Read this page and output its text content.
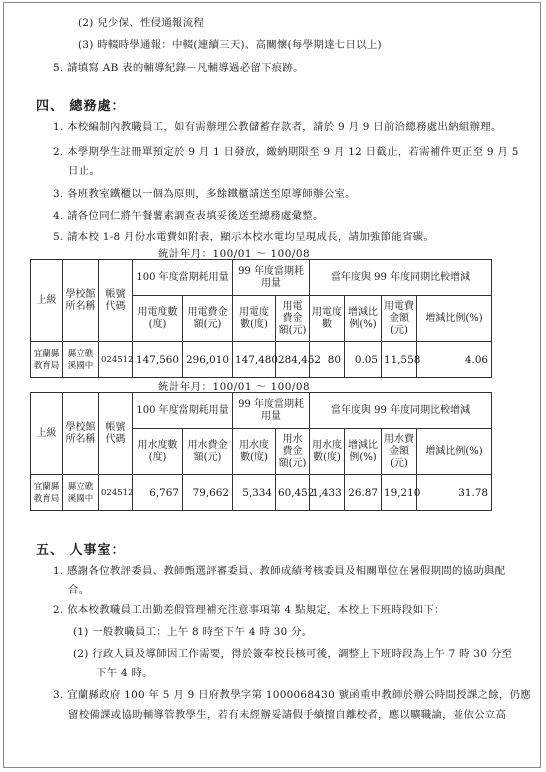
(2) 兒少保、性侵通報流程
(3) 時輟時學通報：中輟(連續三天)、高關懷(每學期達七日以上)
5. 請填寫 AB 表的輔導紀錄－凡輔導過必留下痕跡。
四、 總務處：
1. 本校編制內教職員工，如有需辦理公教儲蓄存款者，請於 9 月 9 日前洽總務處出納組辦理。
2. 本學期學生註冊單預定於 9 月 1 日發放，繳納期限至 9 月 12 日截止，若需補件更正至 9 月 5
日止。
3. 各班教室鐵櫃以一個為原則，多餘鐵櫃請送至原導師辦公室。
4. 請各位同仁將午餐薯素調查表填妥後送至總務處彙整。
5. 請本校 1-8 月份水電費如附表，顯示本校水電均呈現成長，請加強節能省碳。
統計年月：100/01 ～ 100/08
上級	學校館所名稱	帳號代碼	100 年度當期耗用量		99 年度當期耗用量		當年度與 99 年度同期比較增減			
			用電度數(度)	用電費金額(元)	用電度數(度)	用電費金額(元)	用電度數	增減比例(%)	用電費金額(元)	增減比例(%)
宜蘭縣教育局	縣立礁溪國中	024512	147,560	296,010	147,480	284,452	80	0.05	11,558	4.06
統計年月：100/01 ～ 100/08
上級	學校館所名稱	帳號代碼	100 年度當期耗用量		99 年度當期耗用量		當年度與 99 年度同期比較增減			
			用水度數(度)	用水費金額(元)	用水度數(度)	用水費金額(元)	用水度數(度)	增減比例(%)	用水費金額(元)	增減比例(%)
宜蘭縣教育局	縣立礁溪國中	024512	6,767	79,662	5,334	60,452	1,433	26.87	19,210	31.78
五、 人事室：
1. 感謝各位教評委員、教師甄選評審委員、教師成績考核委員及相關單位在暑假期間的協助與配
合。
2. 依本校教職員工出勤差假管理補充注意事項第 4 點規定，本校上下班時段如下：
(1) 一般教職員工：上午 8 時至下午 4 時 30 分。
(2) 行政人員及導師因工作需要，得於簽奉校長核可後，調整上下班時段為上午 7 時 30 分至
下午 4 時。
3. 宜蘭縣政府 100 年 5 月 9 日府教學字第 1000068430 號函重申教師於辦公時間授課之餘，仍應
留校備課或協助輔導管教學生，若有未經辦妥請假手續擅自離校者，應以曠職論，並依公立高
